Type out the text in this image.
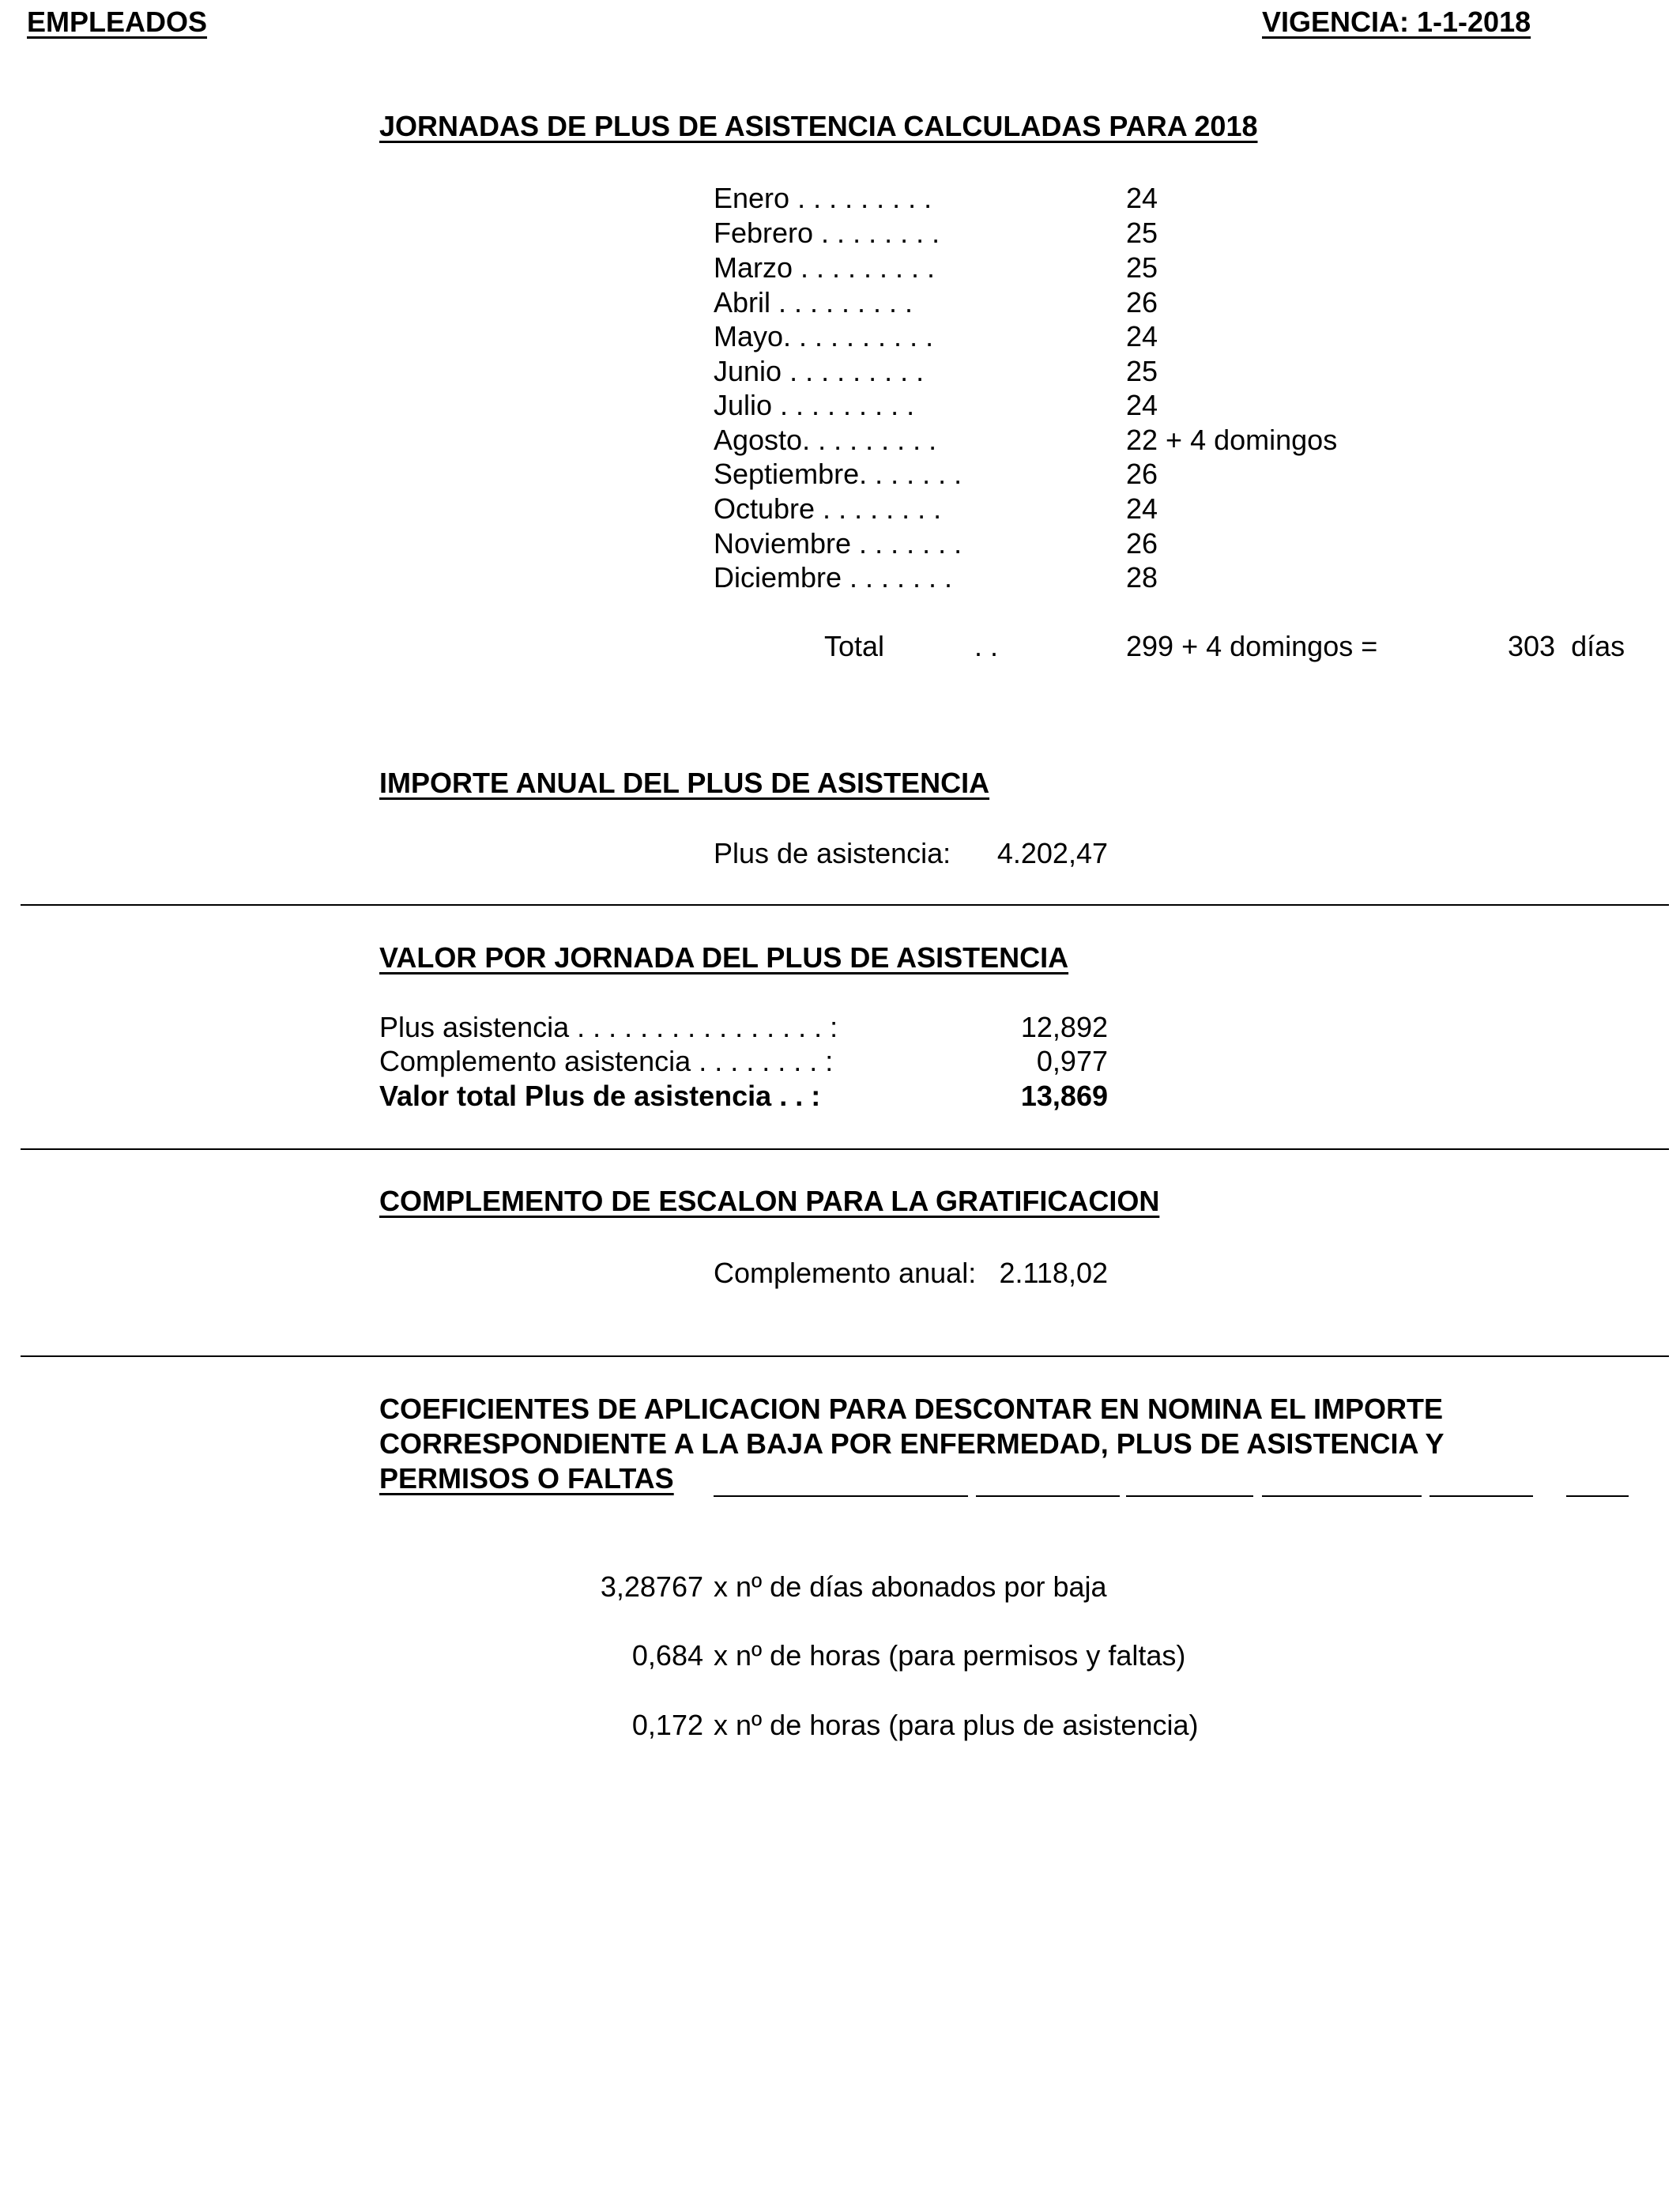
EMPLEADOS	VIGENCIA: 1-1-2018
JORNADAS DE PLUS DE ASISTENCIA CALCULADAS PARA 2018
Enero . . . . . . . . .	24
Febrero . . . . . . . .	25
Marzo . . . . . . . . .	25
Abril . . . . . . . . .	26
Mayo. . . . . . . . . .	24
Junio . . . . . . . . .	25
Julio . . . . . . . . .	24
Agosto. . . . . . . . .	22 + 4 domingos
Septiembre. . . . . . .	26
Octubre . . . . . . . .	24
Noviembre . . . . . . .	26
Diciembre . . . . . . .	28
Total	. .	299 + 4 domingos =	303  días
IMPORTE ANUAL DEL PLUS DE ASISTENCIA
Plus de asistencia:	4.202,47
VALOR POR JORNADA DEL PLUS DE ASISTENCIA
Plus asistencia . . . . . . . . . . . . . . . . :	12,892
Complemento asistencia . . . . . . . . :	0,977
Valor total Plus de asistencia . . :	13,869
COMPLEMENTO DE ESCALON PARA LA GRATIFICACION
Complemento anual: 2.118,02
COEFICIENTES DE APLICACION PARA DESCONTAR EN NOMINA EL IMPORTE
CORRESPONDIENTE A LA BAJA POR ENFERMEDAD, PLUS DE ASISTENCIA Y
PERMISOS O FALTAS
3,28767 x nº de días abonados por baja
0,684 x nº de horas (para permisos y faltas)
0,172 x nº de horas (para plus de asistencia)
